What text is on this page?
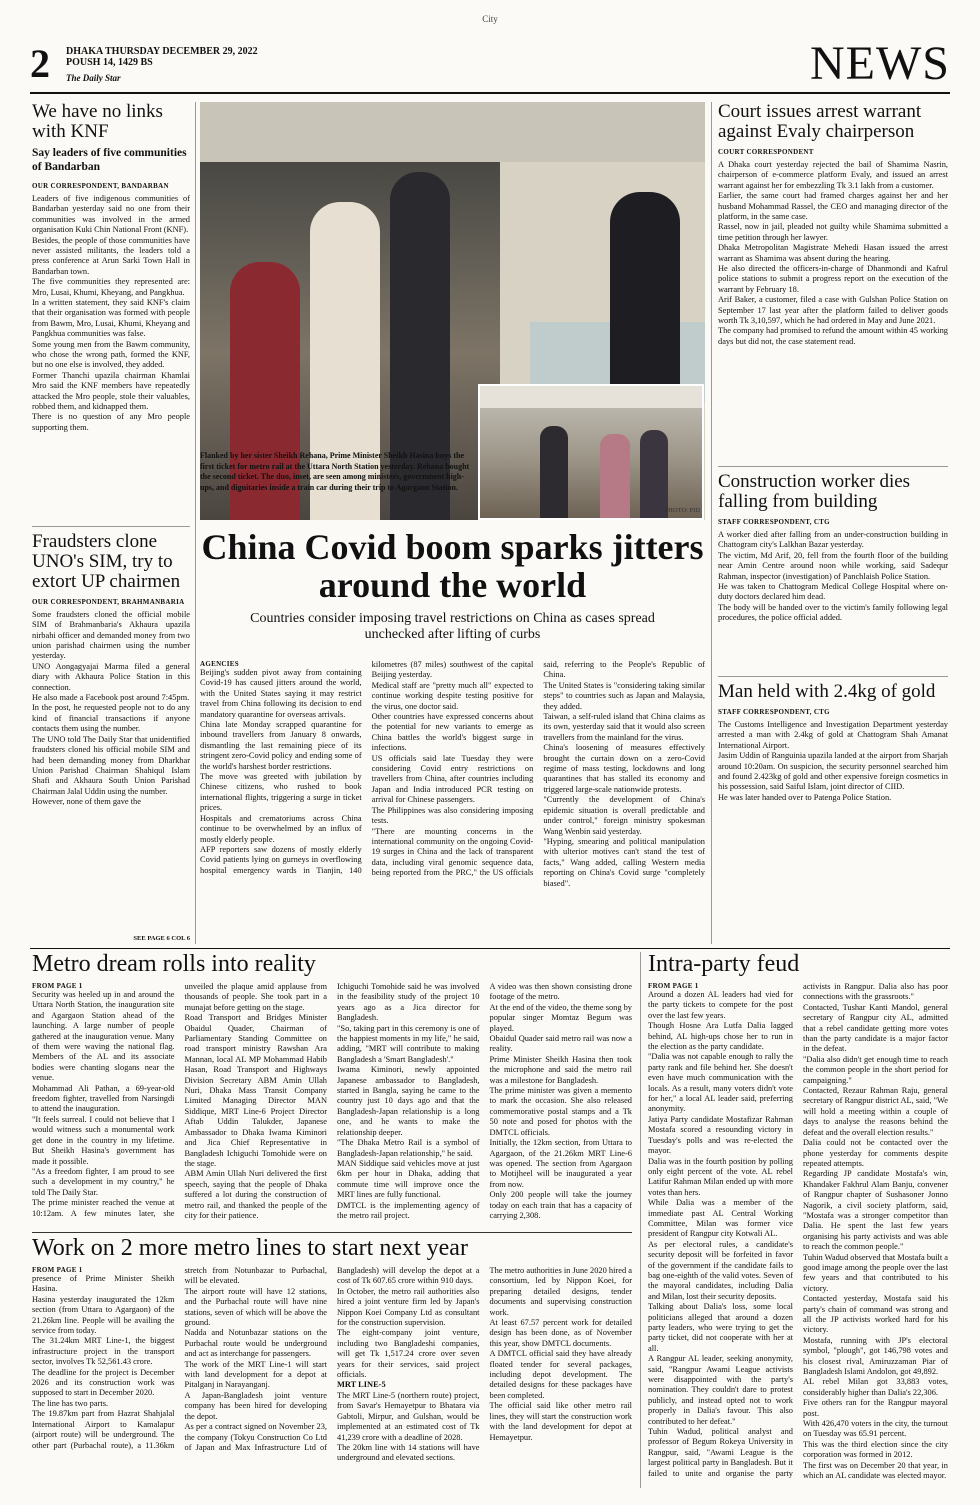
City
2 DHAKA THURSDAY DECEMBER 29, 2022
POUSH 14, 1429 BS
The Daily Star	NEWS
We have no links with KNF
Say leaders of five communities of Bandarban
OUR CORRESPONDENT, BANDARBAN

Leaders of five indigenous communities of Bandarban yesterday said no one from their communities was involved in the armed organisation Kuki Chin National Front (KNF).

Besides, the people of those communities have never assisted militants, the leaders told a press conference at Arun Sarki Town Hall in Bandarban town.

The five communities they represented are: Mro, Lusai, Khumi, Kheyang, and Pangkhua.

In a written statement, they said KNF's claim that their organisation was formed with people from Bawm, Mro, Lusai, Khumi, Kheyang and Pangkhua communities was false.

Some young men from the Bawm community, who chose the wrong path, formed the KNF, but no one else is involved, they added.

Former Thanchi upazila chairman Khamlai Mro said the KNF members have repeatedly attacked the Mro people, stole their valuables, robbed them, and kidnapped them.

There is no question of any Mro people supporting them.

Fraudsters clone UNO's SIM, try to extort UP chairmen
OUR CORRESPONDENT, BRAHMANBARIA

Some fraudsters cloned the official mobile SIM of Brahmanbaria's Akhaura upazila nirbahi officer and demanded money from two union parishad chairmen using the number yesterday.

UNO Aongagyajai Marma filed a general diary with Akhaura Police Station in this connection.

He also made a Facebook post around 7:45pm.

In the post, he requested people not to do any kind of financial transactions if anyone contacts them using the number.

The UNO told The Daily Star that unidentified fraudsters cloned his official mobile SIM and had been demanding money from Dharkhar Union Parishad Chairman Shahiqul Islam Shafi and Akhaura South Union Parishad Chairman Jalal Uddin using the number.

However, none of them gave the

SEE PAGE 6 COL 6
Flanked by her sister Sheikh Rehana, Prime Minister Sheikh Hasina buys the first ticket for metro rail at the Uttara North Station yesterday. Rehana bought the second ticket. The duo, inset, are seen among ministers, government high-ups, and dignitaries inside a train car during their trip to Agargaon Station.
PHOTO: PID
China Covid boom sparks jitters around the world
Countries consider imposing travel restrictions on China as cases spread unchecked after lifting of curbs
AGENCIES

Beijing's sudden pivot away from containing Covid-19 has caused jitters around the world, with the United States saying it may restrict travel from China following its decision to end mandatory quarantine for overseas arrivals.

China late Monday scrapped quarantine for inbound travellers from January 8 onwards, dismantling the last remaining piece of its stringent zero-Covid policy and ending some of the world's harshest border restrictions.

The move was greeted with jubilation by Chinese citizens, who rushed to book international flights, triggering a surge in ticket prices.

Hospitals and crematoriums across China continue to be overwhelmed by an influx of mostly elderly people.

AFP reporters saw dozens of mostly elderly Covid patients lying on gurneys in overflowing hospital emergency wards in Tianjin, 140 kilometres (87 miles) southwest of the capital Beijing yesterday.

Medical staff are "pretty much all" expected to continue working despite testing positive for the virus, one doctor said.

Other countries have expressed concerns about the potential for new variants to emerge as China battles the world's biggest surge in infections.

US officials said late Tuesday they were considering Covid entry restrictions on travellers from China, after countries including Japan and India introduced PCR testing on arrival for Chinese passengers.

The Philippines was also considering imposing tests.

"There are mounting concerns in the international community on the ongoing Covid-19 surges in China and the lack of transparent data, including viral genomic sequence data, being reported from the PRC," the US officials said, referring to the People's Republic of China.

The United States is "considering taking similar steps" to countries such as Japan and Malaysia, they added.

Taiwan, a self-ruled island that China claims as its own, yesterday said that it would also screen travellers from the mainland for the virus.

China's loosening of measures effectively brought the curtain down on a zero-Covid regime of mass testing, lockdowns and long quarantines that has stalled its economy and triggered large-scale nationwide protests.

"Currently the development of China's epidemic situation is overall predictable and under control," foreign ministry spokesman Wang Wenbin said yesterday.

"Hyping, smearing and political manipulation with ulterior motives can't stand the test of facts," Wang added, calling Western media reporting on China's Covid surge "completely biased".

Court issues arrest warrant against Evaly chairperson
COURT CORRESPONDENT

A Dhaka court yesterday rejected the bail of Shamima Nasrin, chairperson of e-commerce platform Evaly, and issued an arrest warrant against her for embezzling Tk 3.1 lakh from a customer.

Earlier, the same court had framed charges against her and her husband Mohammad Rassel, the CEO and managing director of the platform, in the same case.

Rassel, now in jail, pleaded not guilty while Shamima submitted a time petition through her lawyer.

Dhaka Metropolitan Magistrate Mehedi Hasan issued the arrest warrant as Shamima was absent during the hearing.

He also directed the officers-in-charge of Dhanmondi and Kafrul police stations to submit a progress report on the execution of the warrant by February 18.

Arif Baker, a customer, filed a case with Gulshan Police Station on September 17 last year after the platform failed to deliver goods worth Tk 3,10,597, which he had ordered in May and June 2021.

The company had promised to refund the amount within 45 working days but did not, the case statement read.

Construction worker dies falling from building
STAFF CORRESPONDENT, CTG

A worker died after falling from an under-construction building in Chattogram city's Lalkhan Bazar yesterday.

The victim, Md Arif, 20, fell from the fourth floor of the building near Amin Centre around noon while working, said Sadequr Rahman, inspector (investigation) of Panchlaish Police Station.

He was taken to Chattogram Medical College Hospital where on-duty doctors declared him dead.

The body will be handed over to the victim's family following legal procedures, the police official added.

Man held with 2.4kg of gold
STAFF CORRESPONDENT, CTG

The Customs Intelligence and Investigation Department yesterday arrested a man with 2.4kg of gold at Chattogram Shah Amanat International Airport.

Jasim Uddin of Ranguinia upazila landed at the airport from Sharjah around 10:20am. On suspicion, the security personnel searched him and found 2.423kg of gold and other expensive foreign cosmetics in his possession, said Saiful Islam, joint director of CIID.

He was later handed over to Patenga Police Station.

Metro dream rolls into reality
FROM PAGE 1

Security was heeled up in and around the Uttara North Station, the inauguration site and Agargaon Station ahead of the launching. A large number of people gathered at the inauguration venue. Many of them were waving the national flag. Members of the AL and its associate bodies were chanting slogans near the venue.

Mohammad Ali Pathan, a 69-year-old freedom fighter, travelled from Narsingdi to attend the inauguration.

"It feels surreal. I could not believe that I would witness such a monumental work get done in the country in my lifetime. But Sheikh Hasina's government has made it possible.

"As a freedom fighter, I am proud to see such a development in my country," he told The Daily Star.

The prime minister reached the venue at 10:12am. A few minutes later, she unveiled the plaque amid applause from thousands of people. She took part in a munajat before getting on the stage.

Road Transport and Bridges Minister Obaidul Quader, Chairman of Parliamentary Standing Committee on road transport ministry Rawshan Ara Mannan, local AL MP Mohammad Habib Hasan, Road Transport and Highways Division Secretary ABM Amin Ullah Nuri, Dhaka Mass Transit Company Limited Managing Director MAN Siddique, MRT Line-6 Project Director Aftab Uddin Talukder, Japanese Ambassador to Dhaka Iwama Kiminori and Jica Chief Representative in Bangladesh Ichiguchi Tomohide were on the stage.

ABM Amin Ullah Nuri delivered the first speech, saying that the people of Dhaka suffered a lot during the construction of metro rail, and thanked the people of the city for their patience.

Ichiguchi Tomohide said he was involved in the feasibility study of the project 10 years ago as a Jica director for Bangladesh.

"So, taking part in this ceremony is one of the happiest moments in my life," he said, adding, "MRT will contribute to making Bangladesh a 'Smart Bangladesh'."

Iwama Kiminori, newly appointed Japanese ambassador to Bangladesh, started in Bangla, saying he came to the country just 10 days ago and that the Bangladesh-Japan relationship is a long one, and he wants to make the relationship deeper.

"The Dhaka Metro Rail is a symbol of Bangladesh-Japan relationship," he said.

MAN Siddique said vehicles move at just 6km per hour in Dhaka, adding that commute time will improve once the MRT lines are fully functional.

DMTCL is the implementing agency of the metro rail project.

A video was then shown consisting drone footage of the metro.

At the end of the video, the theme song by popular singer Momtaz Begum was played.

Obaidul Quader said metro rail was now a reality.

Prime Minister Sheikh Hasina then took the microphone and said the metro rail was a milestone for Bangladesh.

The prime minister was given a memento to mark the occasion. She also released commemorative postal stamps and a Tk 50 note and posed for photos with the DMTCL officials.

Initially, the 12km section, from Uttara to Agargaon, of the 21.26km MRT Line-6 was opened. The section from Agargaon to Motijheel will be inaugurated a year from now.

Only 200 people will take the journey today on each train that has a capacity of carrying 2,308.

Intra-party feud
FROM PAGE 1

Around a dozen AL leaders had vied for the party tickets to compete for the post over the last few years.

Though Hosne Ara Lutfa Dalia lagged behind, AL high-ups chose her to run in the election as the party candidate.

"Dalia was not capable enough to rally the party rank and file behind her. She doesn't even have much communication with the locals. As a result, many voters didn't vote for her," a local AL leader said, preferring anonymity.

Jatiya Party candidate Mostafizar Rahman Mostafa scored a resounding victory in Tuesday's polls and was re-elected the mayor.

Dalia was in the fourth position by polling only eight percent of the vote. AL rebel Latifur Rahman Milan ended up with more votes than hers.

While Dalia was a member of the immediate past AL Central Working Committee, Milan was former vice president of Rangpur city Kotwali AL.

As per electoral rules, a candidate's security deposit will be forfeited in favor of the government if the candidate fails to bag one-eighth of the valid votes. Seven of the mayoral candidates, including Dalia and Milan, lost their security deposits.

Talking about Dalia's loss, some local politicians alleged that around a dozen party leaders, who were trying to get the party ticket, did not cooperate with her at all.

A Rangpur AL leader, seeking anonymity, said, "Rangpur Awami League activists were disappointed with the party's nomination. They couldn't dare to protest publicly, and instead opted not to work properly in Dalia's favour. This also contributed to her defeat."

Tuhin Wadud, political analyst and professor of Begum Rokeya University in Rangpur, said, "Awami League is the largest political party in Bangladesh. But it failed to unite and organise the party activists in Rangpur. Dalia also has poor connections with the grassroots."

Contacted, Tushar Kanti Mandol, general secretary of Rangpur city AL, admitted that a rebel candidate getting more votes than the party candidate is a major factor in the defeat.

"Dalia also didn't get enough time to reach the common people in the short period for campaigning."

Contacted, Rezaur Rahman Raju, general secretary of Rangpur district AL, said, "We will hold a meeting within a couple of days to analyse the reasons behind the defeat and the overall election results."

Dalia could not be contacted over the phone yesterday for comments despite repeated attempts.

Regarding JP candidate Mostafa's win, Khandaker Fakhrul Alam Banju, convener of Rangpur chapter of Sushasoner Jonno Nagorik, a civil society platform, said, "Mostafa was a stronger competitor than Dalia. He spent the last few years organising his party activists and was able to reach the common people."

Tuhin Wadud observed that Mostafa built a good image among the people over the last few years and that contributed to his victory.

Contacted yesterday, Mostafa said his party's chain of command was strong and all the JP activists worked hard for his victory.

Mostafa, running with JP's electoral symbol, "plough", got 146,798 votes and his closest rival, Amiruzzaman Piar of Bangladesh Islami Andolon, got 49,892.

AL rebel Milan got 33,883 votes, considerably higher than Dalia's 22,306.

Five others ran for the Rangpur mayoral post.

With 426,470 voters in the city, the turnout on Tuesday was 65.91 percent.

This was the third election since the city corporation was formed in 2012.

The first was on December 20 that year, in which an AL candidate was elected mayor.

Work on 2 more metro lines to start next year
FROM PAGE 1

presence of Prime Minister Sheikh Hasina.

Hasina yesterday inaugurated the 12km section (from Uttara to Agargaon) of the 21.26km line. People will be availing the service from today.

The 31.24km MRT Line-1, the biggest infrastructure project in the transport sector, involves Tk 52,561.43 crore.

The deadline for the project is December 2026 and its construction work was supposed to start in December 2020.

The line has two parts.

The 19.87km part from Hazrat Shahjalal International Airport to Kamalapur (airport route) will be underground. The other part (Purbachal route), a 11.36km stretch from Notunbazar to Purbachal, will be elevated.

The airport route will have 12 stations, and the Purbachal route will have nine stations, seven of which will be above the ground.

Nadda and Notunbazar stations on the Purbachal route would be underground and act as interchange for passengers.

The work of the MRT Line-1 will start with land development for a depot at Pitalganj in Narayanganj.

A Japan-Bangladesh joint venture company has been hired for developing the depot.

As per a contract signed on November 23, the company (Tokyu Construction Co Ltd of Japan and Max Infrastructure Ltd of Bangladesh) will develop the depot at a cost of Tk 607.65 crore within 910 days.

In October, the metro rail authorities also hired a joint venture firm led by Japan's Nippon Koei Company Ltd as consultant for the construction supervision.

The eight-company joint venture, including two Bangladeshi companies, will get Tk 1,517.24 crore over seven years for their services, said project officials.

MRT LINE-5

The MRT Line-5 (northern route) project, from Savar's Hemayetpur to Bhatara via Gabtoli, Mirpur, and Gulshan, would be implemented at an estimated cost of Tk 41,239 crore with a deadline of 2028.

The 20km line with 14 stations will have underground and elevated sections.

The metro authorities in June 2020 hired a consortium, led by Nippon Koei, for preparing detailed designs, tender documents and supervising construction work.

At least 67.57 percent work for detailed design has been done, as of November this year, show DMTCL documents.

A DMTCL official said they have already floated tender for several packages, including depot development. The detailed designs for these packages have been completed.

The official said like other metro rail lines, they will start the construction work with the land development for depot at Hemayetpur.
